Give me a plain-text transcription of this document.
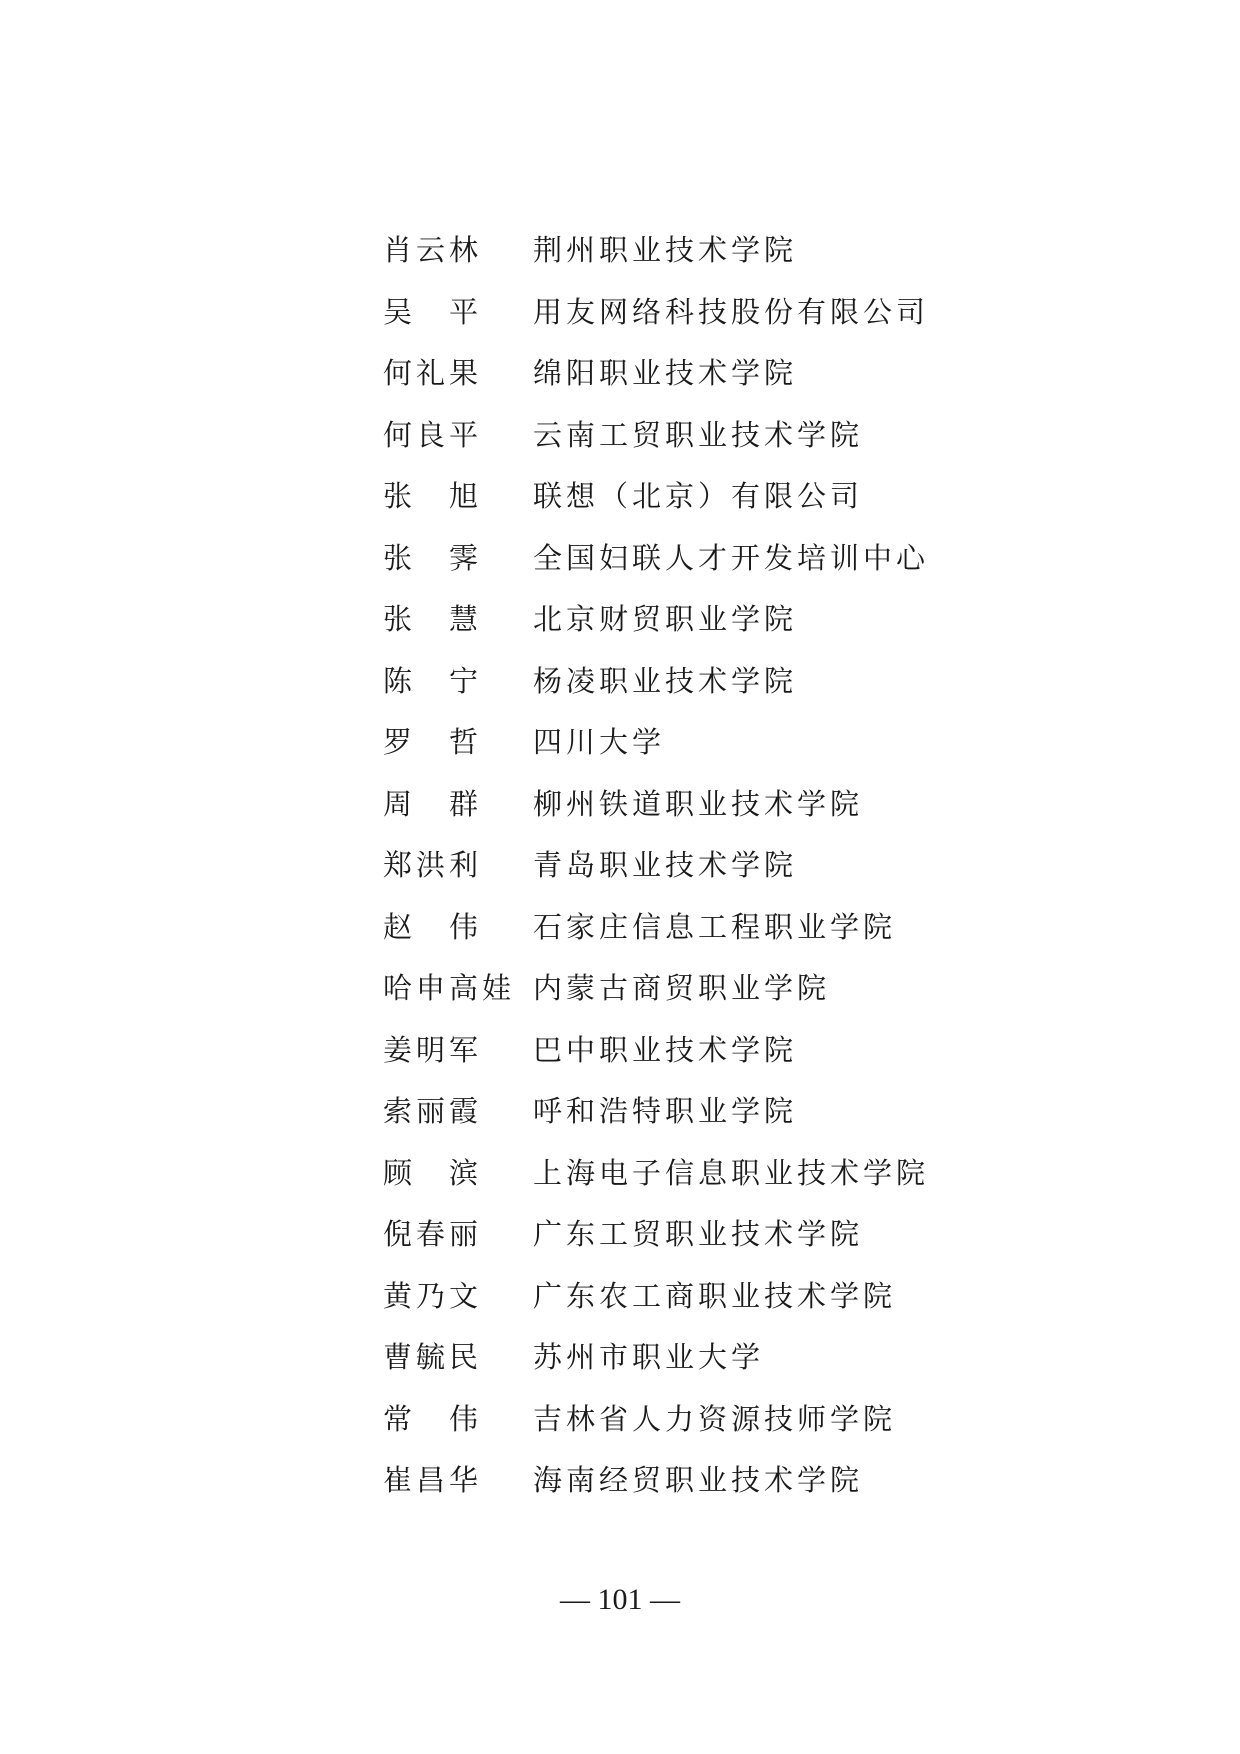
肖云林	荆州职业技术学院
吴　平	用友网络科技股份有限公司
何礼果	绵阳职业技术学院
何良平	云南工贸职业技术学院
张　旭	联想（北京）有限公司
张　霁	全国妇联人才开发培训中心
张　慧	北京财贸职业学院
陈　宁	杨凌职业技术学院
罗　哲	四川大学
周　群	柳州铁道职业技术学院
郑洪利	青岛职业技术学院
赵　伟	石家庄信息工程职业学院
哈申高娃 内蒙古商贸职业学院
姜明军	巴中职业技术学院
索丽霞	呼和浩特职业学院
顾　滨	上海电子信息职业技术学院
倪春丽	广东工贸职业技术学院
黄乃文	广东农工商职业技术学院
曹毓民	苏州市职业大学
常　伟	吉林省人力资源技师学院
崔昌华	海南经贸职业技术学院
— 101 —
